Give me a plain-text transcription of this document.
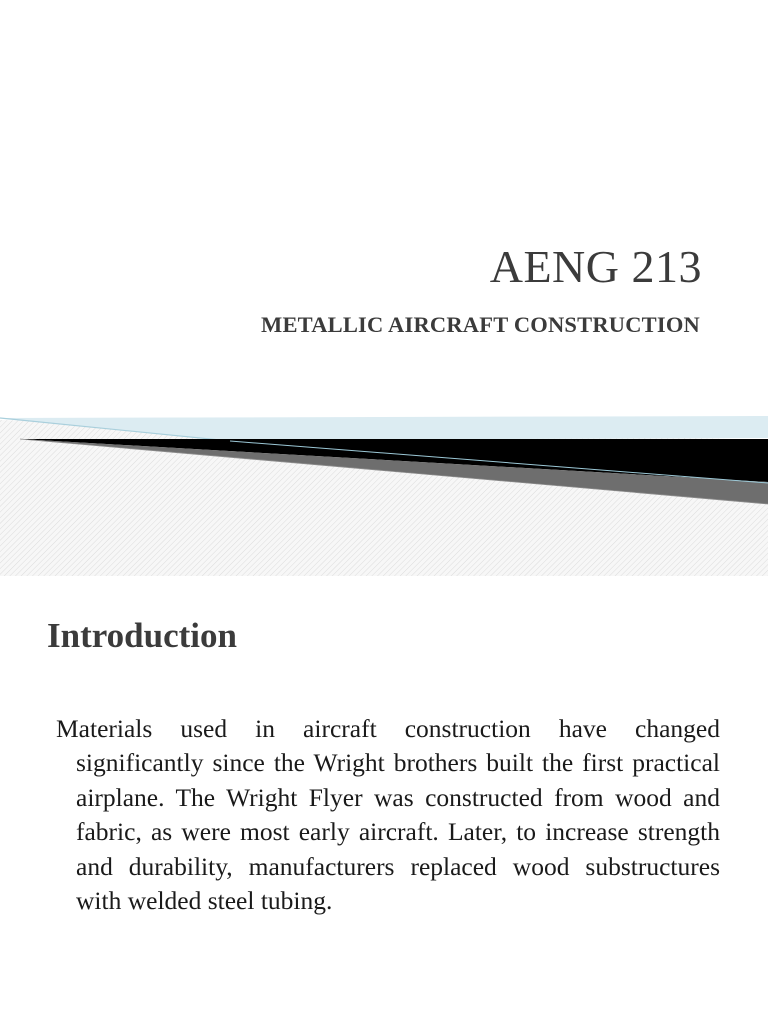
AENG 213
METALLIC AIRCRAFT CONSTRUCTION
Introduction

Materials used in aircraft construction have changed significantly since the Wright brothers built the first practical airplane. The Wright Flyer was constructed from wood and fabric, as were most early aircraft. Later, to increase strength and durability, manufacturers replaced wood substructures with welded steel tubing.
